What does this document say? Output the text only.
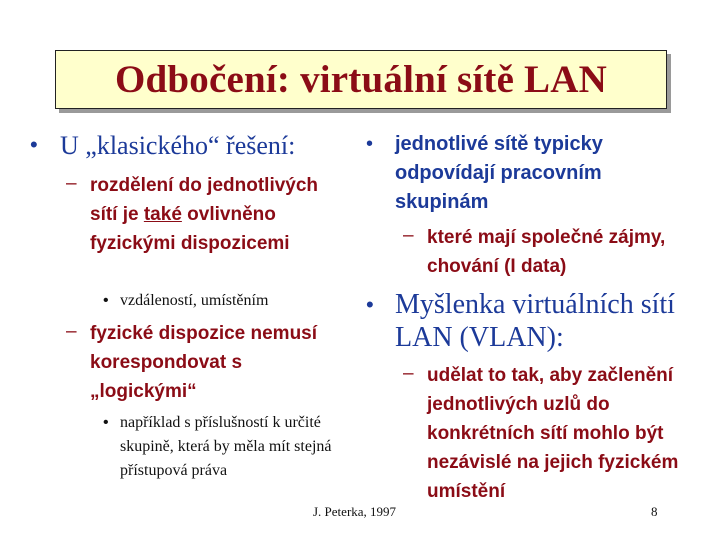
Odbočení: virtuální sítě LAN
• U „klasického“ řešení:

– rozdělení do jednotlivých sítí je také ovlivněno fyzickými dispozicemi

• vzdáleností, umístěním

– fyzické dispozice nemusí korespondovat s „logickými“

• například s příslušností k určité skupině, která by měla mít stejná přístupová práva

• jednotlivé sítě typicky odpovídají pracovním skupinám

– které mají společné zájmy, chování (I data)

• Myšlenka virtuálních sítí LAN (VLAN):

– udělat to tak, aby začlenění jednotlivých uzlů do konkrétních sítí mohlo být nezávislé na jejich fyzickém umístění

J. Peterka, 1997	8
